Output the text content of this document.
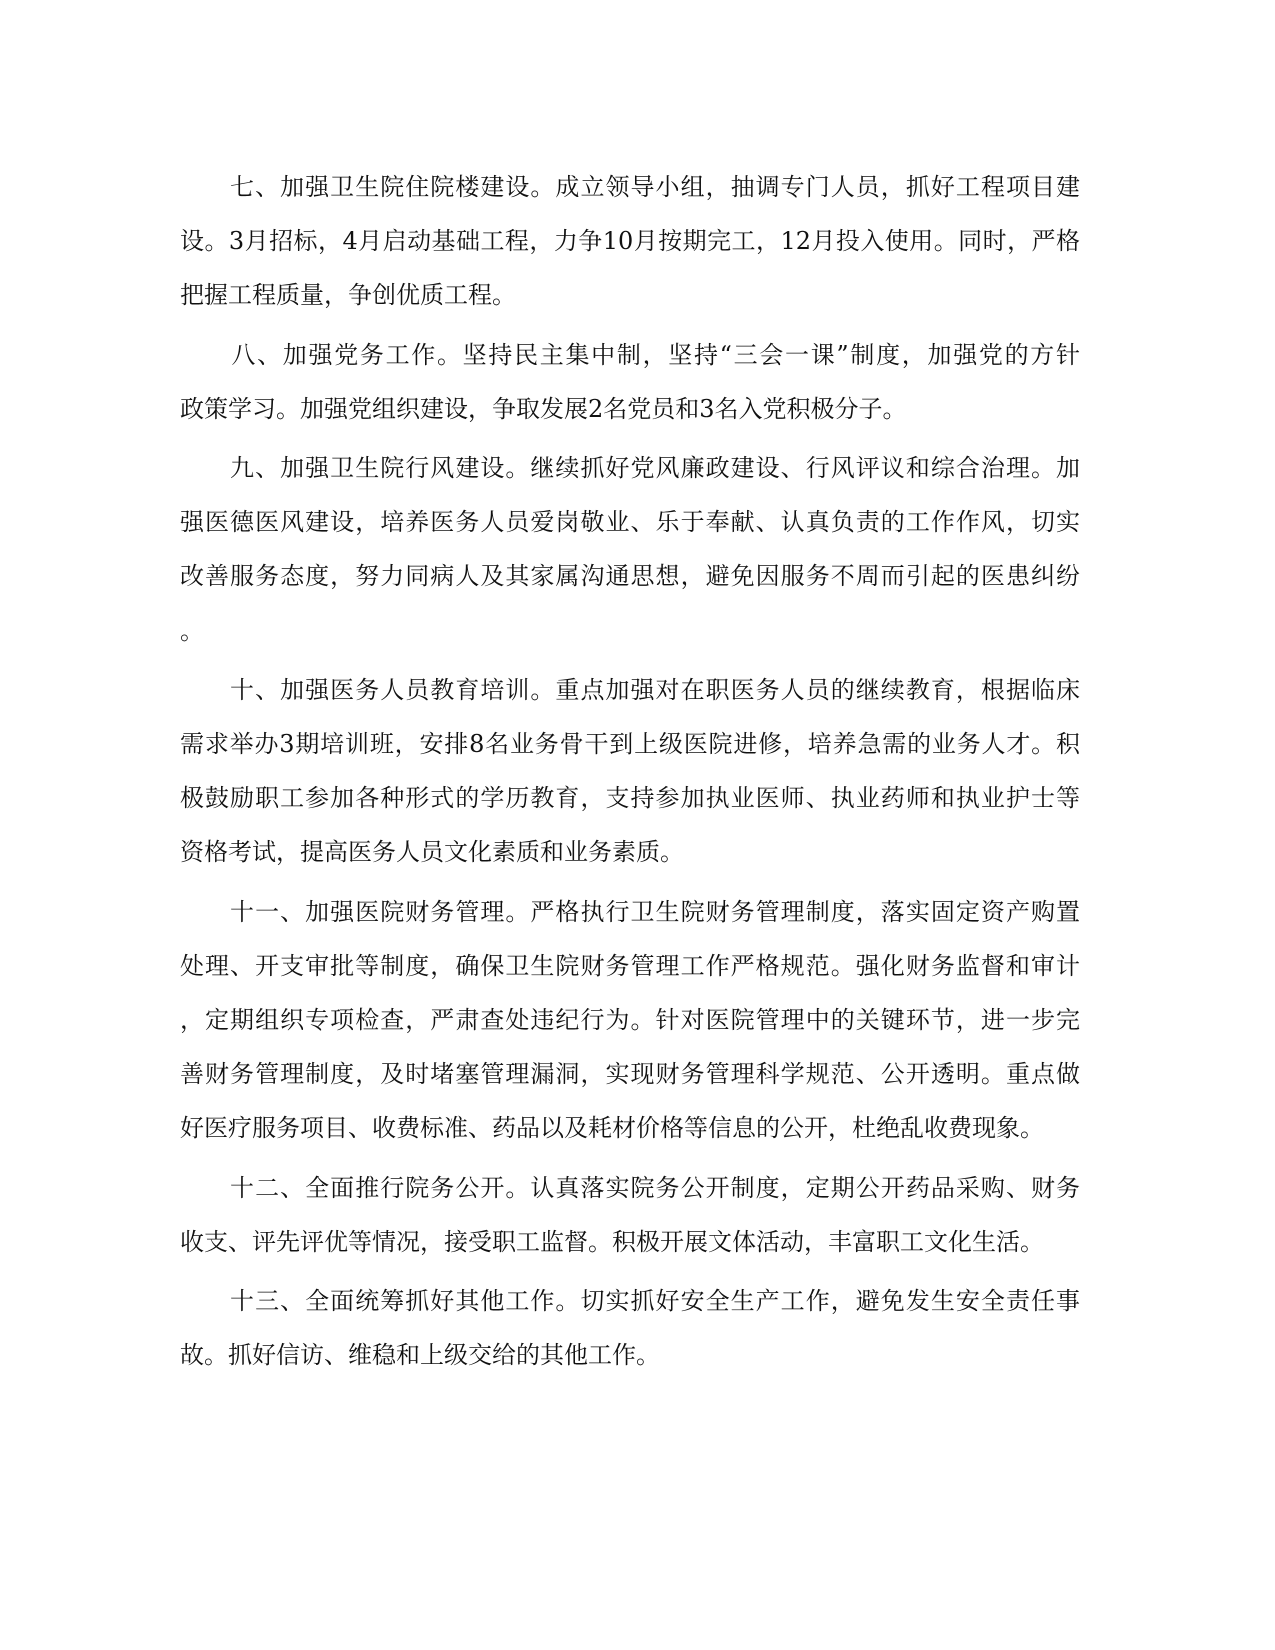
　　七、加强卫生院住院楼建设。成立领导小组，抽调专门人员，抓好工程项目建
设。3月招标，4月启动基础工程，力争10月按期完工，12月投入使用。同时，严格
把握工程质量，争创优质工程。
　　八、加强党务工作。坚持民主集中制，坚持“三会一课”制度，加强党的方针
政策学习。加强党组织建设，争取发展2名党员和3名入党积极分子。
　　九、加强卫生院行风建设。继续抓好党风廉政建设、行风评议和综合治理。加
强医德医风建设，培养医务人员爱岗敬业、乐于奉献、认真负责的工作作风，切实
改善服务态度，努力同病人及其家属沟通思想，避免因服务不周而引起的医患纠纷
。
　　十、加强医务人员教育培训。重点加强对在职医务人员的继续教育，根据临床
需求举办3期培训班，安排8名业务骨干到上级医院进修，培养急需的业务人才。积
极鼓励职工参加各种形式的学历教育，支持参加执业医师、执业药师和执业护士等
资格考试，提高医务人员文化素质和业务素质。
　　十一、加强医院财务管理。严格执行卫生院财务管理制度，落实固定资产购置
处理、开支审批等制度，确保卫生院财务管理工作严格规范。强化财务监督和审计
，定期组织专项检查，严肃查处违纪行为。针对医院管理中的关键环节，进一步完
善财务管理制度，及时堵塞管理漏洞，实现财务管理科学规范、公开透明。重点做
好医疗服务项目、收费标准、药品以及耗材价格等信息的公开，杜绝乱收费现象。
　　十二、全面推行院务公开。认真落实院务公开制度，定期公开药品采购、财务
收支、评先评优等情况，接受职工监督。积极开展文体活动，丰富职工文化生活。
　　十三、全面统筹抓好其他工作。切实抓好安全生产工作，避免发生安全责任事
故。抓好信访、维稳和上级交给的其他工作。
